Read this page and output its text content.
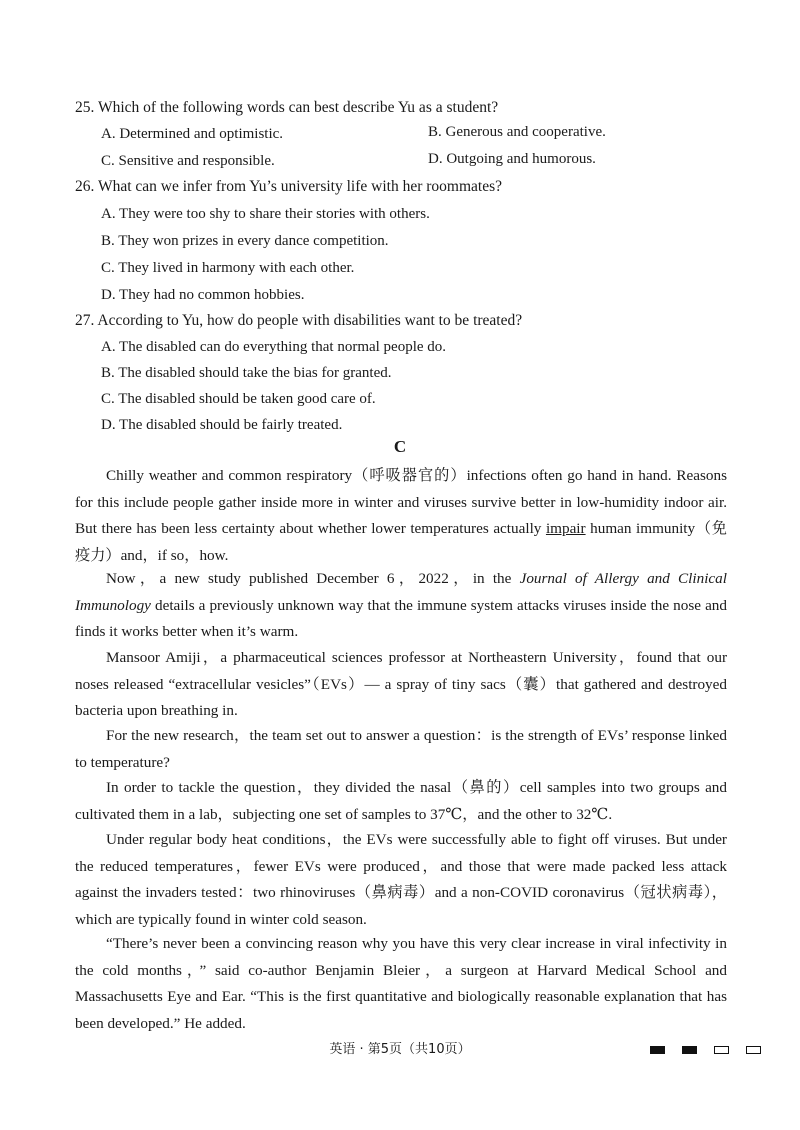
25. Which of the following words can best describe Yu as a student?
A. Determined and optimistic.	B. Generous and cooperative.
C. Sensitive and responsible.	D. Outgoing and humorous.
26. What can we infer from Yu’s university life with her roommates?
A. They were too shy to share their stories with others.
B. They won prizes in every dance competition.
C. They lived in harmony with each other.
D. They had no common hobbies.
27. According to Yu, how do people with disabilities want to be treated?
A. The disabled can do everything that normal people do.
B. The disabled should take the bias for granted.
C. The disabled should be taken good care of.
D. The disabled should be fairly treated.
C

Chilly weather and common respiratory（呼吸器官的）infections often go hand in hand. Reasons for this include people gather inside more in winter and viruses survive better in low-humidity indoor air. But there has been less certainty about whether lower temperatures actually impair human immunity（免疫力）and，if so，how.

Now，a new study published December 6，2022，in the Journal of Allergy and Clinical Immunology details a previously unknown way that the immune system attacks viruses inside the nose and finds it works better when it’s warm.

Mansoor Amiji，a pharmaceutical sciences professor at Northeastern University，found that our noses released “extracellular vesicles”（EVs）— a spray of tiny sacs（囊）that gathered and destroyed bacteria upon breathing in.

For the new research，the team set out to answer a question：is the strength of EVs’ response linked to temperature?

In order to tackle the question，they divided the nasal（鼻的）cell samples into two groups and cultivated them in a lab，subjecting one set of samples to 37℃，and the other to 32℃.

Under regular body heat conditions，the EVs were successfully able to fight off viruses. But under the reduced temperatures，fewer EVs were produced，and those that were made packed less attack against the invaders tested：two rhinoviruses（鼻病毒）and a non-COVID coronavirus（冠状病毒），which are typically found in winter cold season.

“There’s never been a convincing reason why you have this very clear increase in viral infectivity in the cold months，” said co-author Benjamin Bleier，a surgeon at Harvard Medical School and Massachusetts Eye and Ear. “This is the first quantitative and biologically reasonable explanation that has been developed.” He added.

英语 · 第5页（共10页）
